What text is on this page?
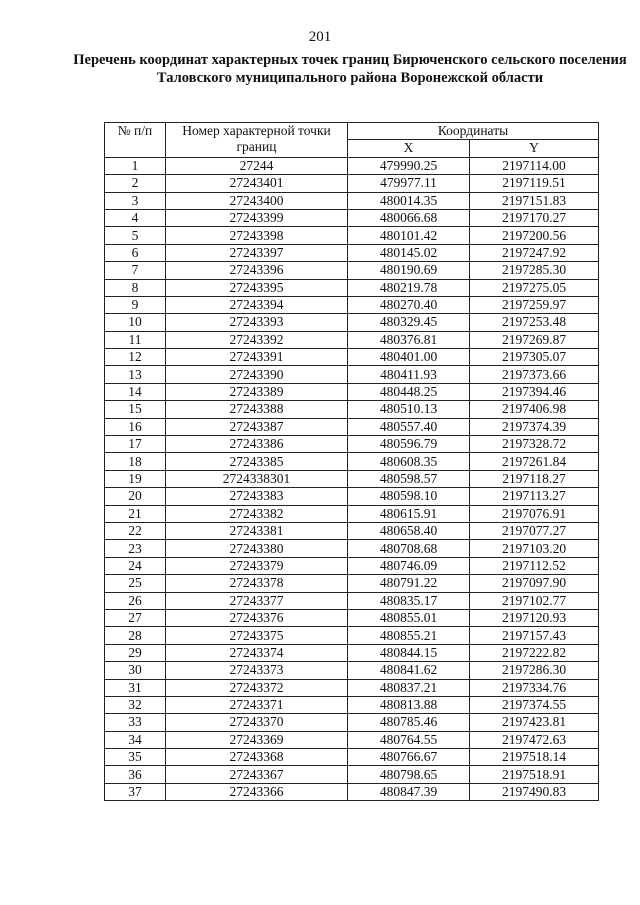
201
Перечень координат характерных точек границ Бирюченского сельского поселения Таловского муниципального района Воронежской области
№ п/п	Номер характерной точки границ	Координаты	
		X	Y
1	27244	479990.25	2197114.00
2	27243401	479977.11	2197119.51
3	27243400	480014.35	2197151.83
4	27243399	480066.68	2197170.27
5	27243398	480101.42	2197200.56
6	27243397	480145.02	2197247.92
7	27243396	480190.69	2197285.30
8	27243395	480219.78	2197275.05
9	27243394	480270.40	2197259.97
10	27243393	480329.45	2197253.48
11	27243392	480376.81	2197269.87
12	27243391	480401.00	2197305.07
13	27243390	480411.93	2197373.66
14	27243389	480448.25	2197394.46
15	27243388	480510.13	2197406.98
16	27243387	480557.40	2197374.39
17	27243386	480596.79	2197328.72
18	27243385	480608.35	2197261.84
19	2724338301	480598.57	2197118.27
20	27243383	480598.10	2197113.27
21	27243382	480615.91	2197076.91
22	27243381	480658.40	2197077.27
23	27243380	480708.68	2197103.20
24	27243379	480746.09	2197112.52
25	27243378	480791.22	2197097.90
26	27243377	480835.17	2197102.77
27	27243376	480855.01	2197120.93
28	27243375	480855.21	2197157.43
29	27243374	480844.15	2197222.82
30	27243373	480841.62	2197286.30
31	27243372	480837.21	2197334.76
32	27243371	480813.88	2197374.55
33	27243370	480785.46	2197423.81
34	27243369	480764.55	2197472.63
35	27243368	480766.67	2197518.14
36	27243367	480798.65	2197518.91
37	27243366	480847.39	2197490.83
